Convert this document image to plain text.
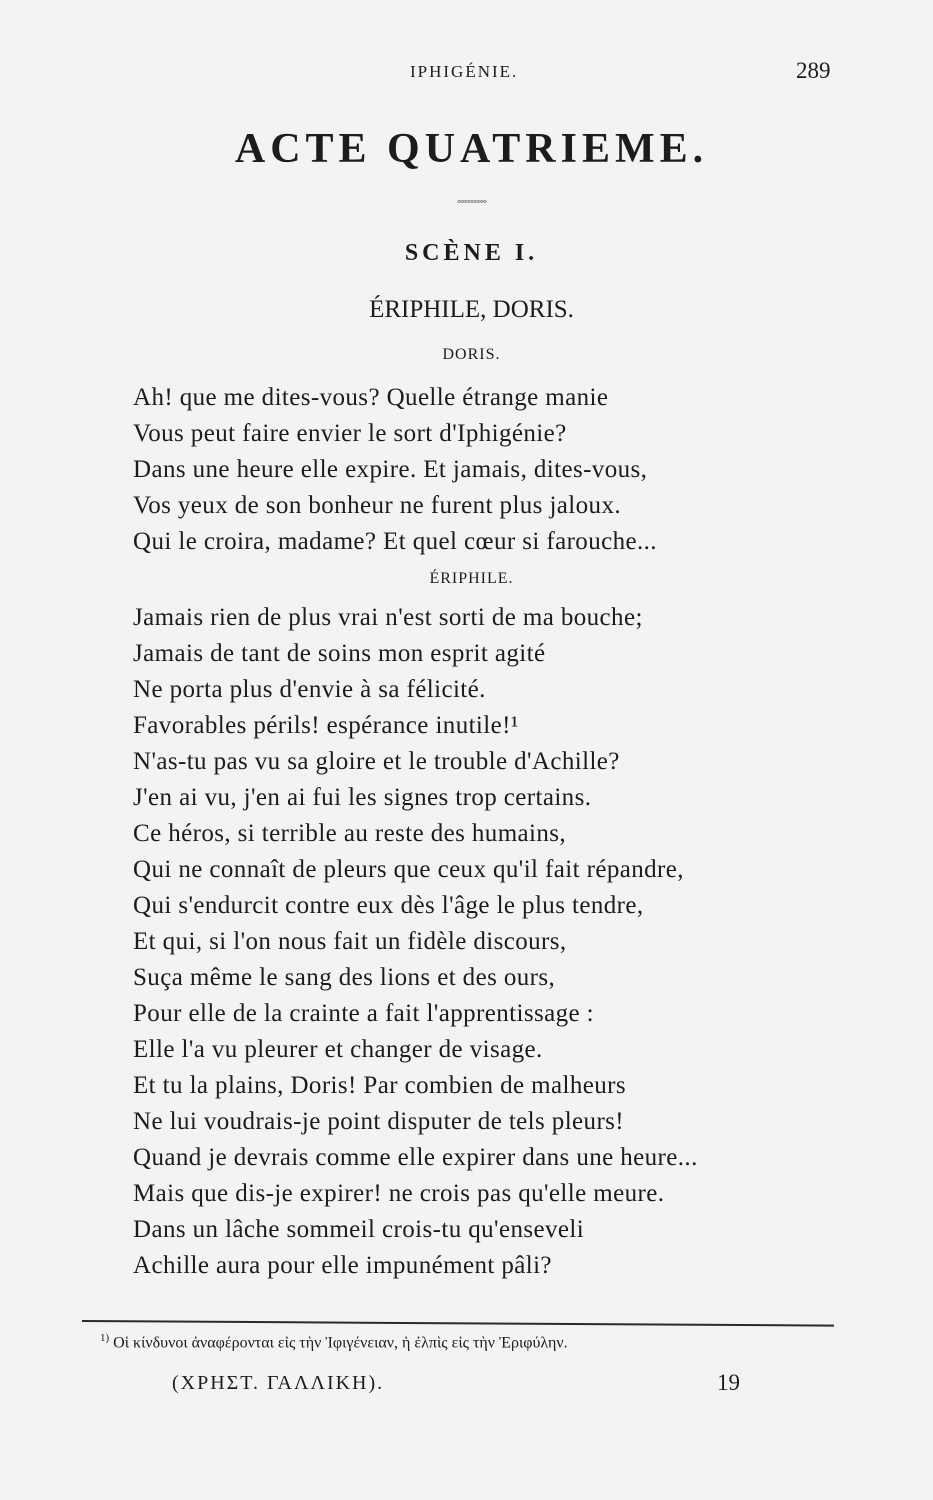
IPHIGÉNIE.	289
ACTE QUATRIEME.
◦◦◦◦◦◦◦◦◦◦
SCÈNE I.
ÉRIPHILE, DORIS.
DORIS.
Ah! que me dites-vous? Quelle étrange manie
Vous peut faire envier le sort d'Iphigénie?
Dans une heure elle expire. Et jamais, dites-vous,
Vos yeux de son bonheur ne furent plus jaloux.
Qui le croira, madame? Et quel cœur si farouche...
ÉRIPHILE.
Jamais rien de plus vrai n'est sorti de ma bouche;
Jamais de tant de soins mon esprit agité
Ne porta plus d'envie à sa félicité.
Favorables périls! espérance inutile!¹
N'as-tu pas vu sa gloire et le trouble d'Achille?
J'en ai vu, j'en ai fui les signes trop certains.
Ce héros, si terrible au reste des humains,
Qui ne connaît de pleurs que ceux qu'il fait répandre,
Qui s'endurcit contre eux dès l'âge le plus tendre,
Et qui, si l'on nous fait un fidèle discours,
Suça même le sang des lions et des ours,
Pour elle de la crainte a fait l'apprentissage :
Elle l'a vu pleurer et changer de visage.
Et tu la plains, Doris! Par combien de malheurs
Ne lui voudrais-je point disputer de tels pleurs!
Quand je devrais comme elle expirer dans une heure...
Mais que dis-je expirer! ne crois pas qu'elle meure.
Dans un lâche sommeil crois-tu qu'enseveli
Achille aura pour elle impunément pâli?
$^{1)}$ Οἱ κίνδυνοι ἀναφέρονται εἰς τὴν Ἰφιγένειαν, ἡ ἐλπὶς εἰς τὴν Ἐριφύλην.
(ΧΡΗΣΤ. ΓΑΛΛΙΚΗ).	19
